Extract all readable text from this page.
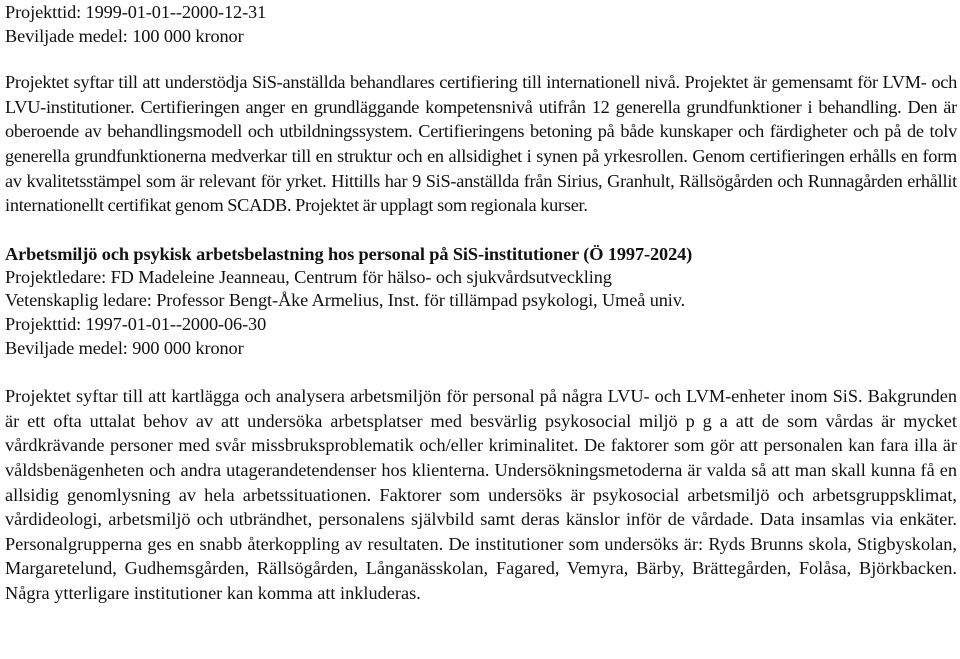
Projekttid: 1999-01-01--2000-12-31
Beviljade medel: 100 000 kronor

Projektet syftar till att understödja SiS-anställda behandlares certifiering till internationell nivå. Projektet är gemensamt för LVM- och LVU-institutioner. Certifieringen anger en grundläggande kompetensnivå utifrån 12 generella grundfunktioner i behandling. Den är oberoende av behandlingsmodell och utbildningssystem. Certifieringens betoning på både kunskaper och färdigheter och på de tolv generella grundfunktionerna medverkar till en struktur och en allsidighet i synen på yrkesrollen. Genom certifieringen erhålls en form av kvalitetsstämpel som är relevant för yrket. Hittills har 9 SiS-anställda från Sirius, Granhult, Rällsögården och Runnagården erhållit internationellt certifikat genom SCADB. Projektet är upplagt som regionala kurser.

Arbetsmiljö och psykisk arbetsbelastning hos personal på SiS-institutioner (Ö 1997-2024)
Projektledare: FD Madeleine Jeanneau, Centrum för hälso- och sjukvårdsutveckling
Vetenskaplig ledare: Professor Bengt-Åke Armelius, Inst. för tillämpad psykologi, Umeå univ.
Projekttid: 1997-01-01--2000-06-30
Beviljade medel: 900 000 kronor

Projektet syftar till att kartlägga och analysera arbetsmiljön för personal på några LVU- och LVM-enheter inom SiS. Bakgrunden är ett ofta uttalat behov av att undersöka arbetsplatser med besvärlig psykosocial miljö p g a att de som vårdas är mycket vårdkrävande personer med svår missbruksproblematik och/eller kriminalitet. De faktorer som gör att personalen kan fara illa är våldsbenägenheten och andra utagerandetendenser hos klienterna. Undersökningsmetoderna är valda så att man skall kunna få en allsidig genomlysning av hela arbetssituationen. Faktorer som undersöks är psykosocial arbetsmiljö och arbetsgruppsklimat, vårdideologi, arbetsmiljö och utbrändhet, personalens självbild samt deras känslor inför de vårdade. Data insamlas via enkäter. Personalgrupperna ges en snabb återkoppling av resultaten. De institutioner som undersöks är: Ryds Brunns skola, Stigbyskolan, Margaretelund, Gudhemsgården, Rällsögården, Långanässkolan, Fagared, Vemyra, Bärby, Brättegården, Folåsa, Björkbacken. Några ytterligare institutioner kan komma att inkluderas.
